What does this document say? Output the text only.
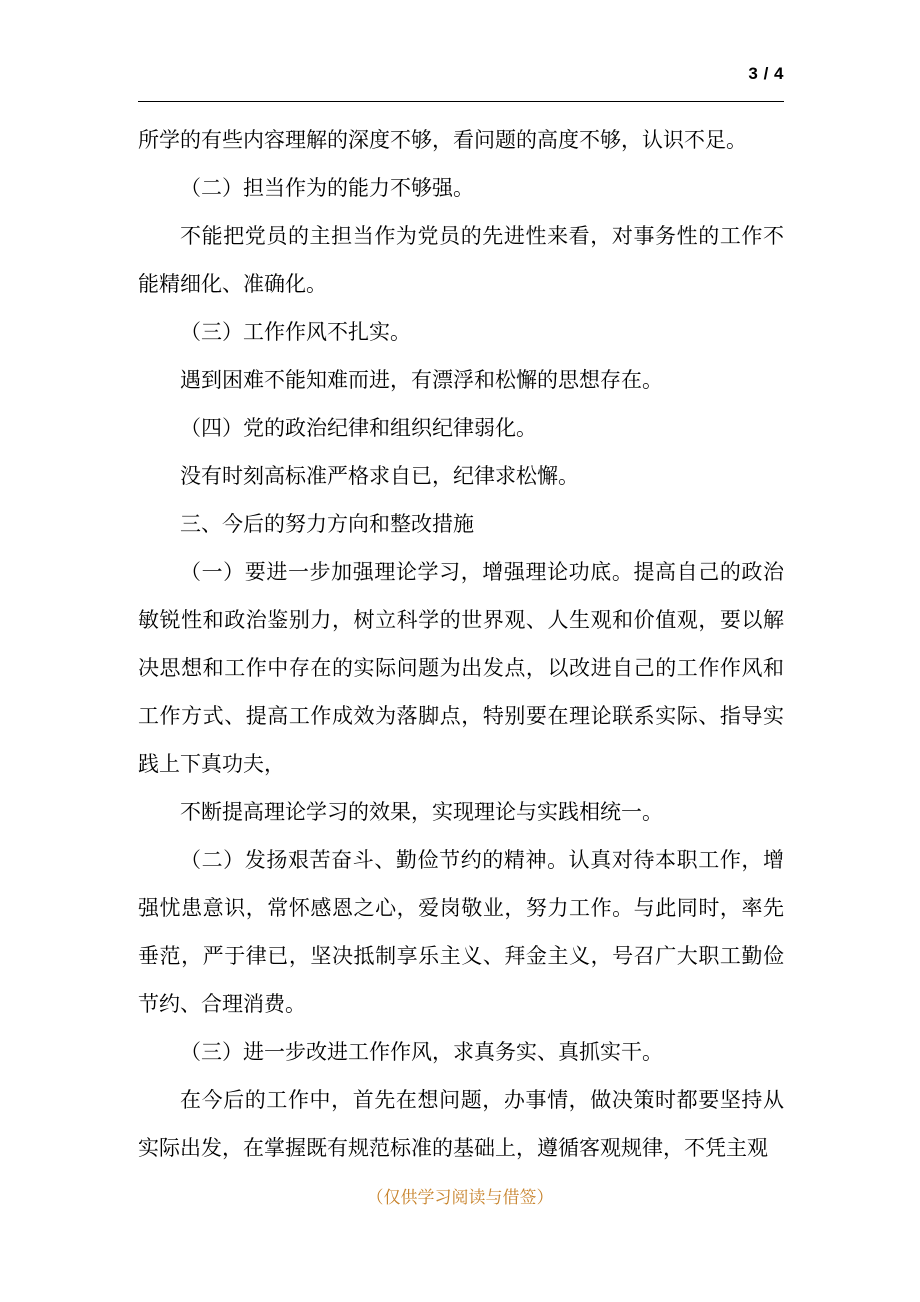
3 / 4

所学的有些内容理解的深度不够，看问题的高度不够，认识不足。

（二）担当作为的能力不够强。

不能把党员的主担当作为党员的先进性来看，对事务性的工作不能精细化、准确化。

（三）工作作风不扎实。

遇到困难不能知难而进，有漂浮和松懈的思想存在。

（四）党的政治纪律和组织纪律弱化。

没有时刻高标准严格求自已，纪律求松懈。

三、今后的努力方向和整改措施

（一）要进一步加强理论学习，增强理论功底。提高自己的政治敏锐性和政治鉴别力，树立科学的世界观、人生观和价值观，要以解决思想和工作中存在的实际问题为出发点，以改进自己的工作作风和工作方式、提高工作成效为落脚点，特别要在理论联系实际、指导实践上下真功夫，

不断提高理论学习的效果，实现理论与实践相统一。

（二）发扬艰苦奋斗、勤俭节约的精神。认真对待本职工作，增强忧患意识，常怀感恩之心，爱岗敬业，努力工作。与此同时，率先垂范，严于律已，坚决抵制享乐主义、拜金主义，号召广大职工勤俭节约、合理消费。

（三）进一步改进工作作风，求真务实、真抓实干。

在今后的工作中，首先在想问题，办事情，做决策时都要坚持从实际出发，在掌握既有规范标准的基础上，遵循客观规律，不凭主观

（仅供学习阅读与借签）
